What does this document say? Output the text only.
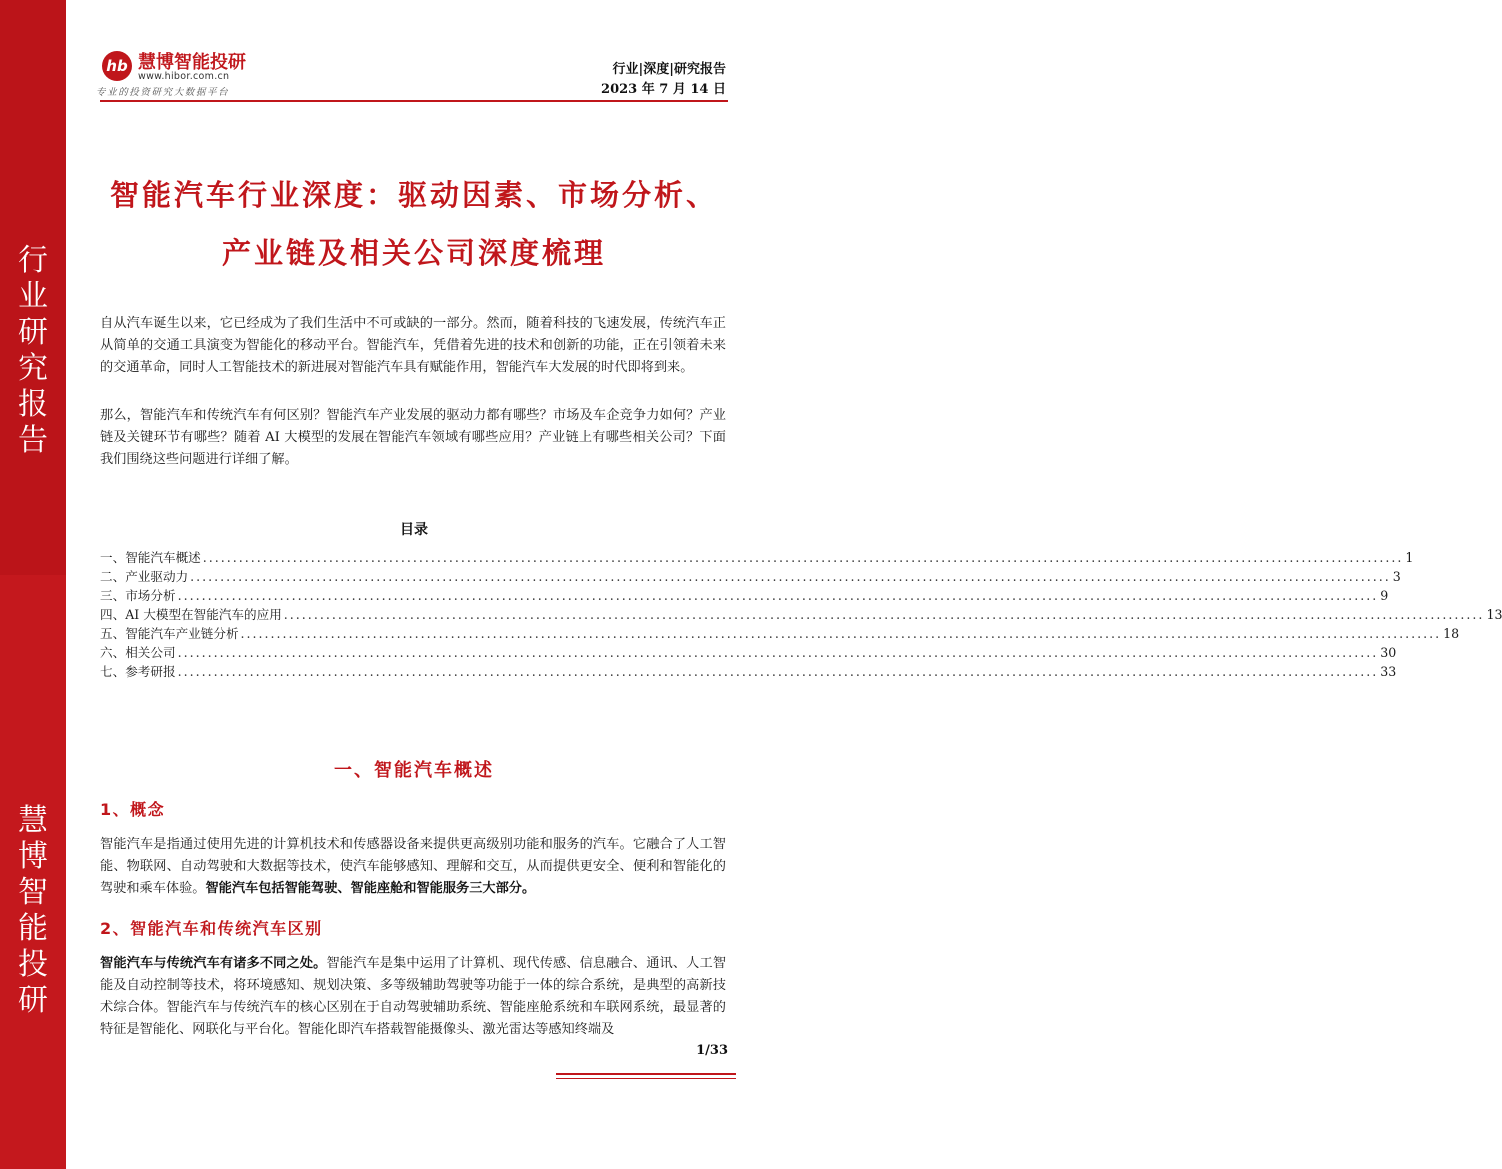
行
业
研
究
报
告
慧
博
智
能
投
研
hb 慧博智能投研
www.hibor.com.cn
专业的投资研究大数据平台
行业|深度|研究报告
2023 年 7 月 14 日
智能汽车行业深度：驱动因素、市场分析、
产业链及相关公司深度梳理
自从汽车诞生以来，它已经成为了我们生活中不可或缺的一部分。然而，随着科技的飞速发展，传统汽车正从简单的交通工具演变为智能化的移动平台。智能汽车，凭借着先进的技术和创新的功能，正在引领着未来的交通革命，同时人工智能技术的新进展对智能汽车具有赋能作用，智能汽车大发展的时代即将到来。
那么，智能汽车和传统汽车有何区别？智能汽车产业发展的驱动力都有哪些？市场及车企竞争力如何？产业链及关键环节有哪些？随着 AI 大模型的发展在智能汽车领域有哪些应用？产业链上有哪些相关公司？下面我们围绕这些问题进行详细了解。
目录
一、智能汽车概述 ........................................................................................................................................................................................................ 1
二、产业驱动力 ........................................................................................................................................................................................................ 3
三、市场分析 ........................................................................................................................................................................................................ 9
四、AI 大模型在智能汽车的应用 ........................................................................................................................................................................................................ 13
五、智能汽车产业链分析 ........................................................................................................................................................................................................ 18
六、相关公司 ........................................................................................................................................................................................................ 30
七、参考研报 ........................................................................................................................................................................................................ 33
一、智能汽车概述
1、概念
智能汽车是指通过使用先进的计算机技术和传感器设备来提供更高级别功能和服务的汽车。它融合了人工智能、物联网、自动驾驶和大数据等技术，使汽车能够感知、理解和交互，从而提供更安全、便利和智能化的驾驶和乘车体验。智能汽车包括智能驾驶、智能座舱和智能服务三大部分。
2、智能汽车和传统汽车区别
智能汽车与传统汽车有诸多不同之处。智能汽车是集中运用了计算机、现代传感、信息融合、通讯、人工智能及自动控制等技术，将环境感知、规划决策、多等级辅助驾驶等功能于一体的综合系统，是典型的高新技术综合体。智能汽车与传统汽车的核心区别在于自动驾驶辅助系统、智能座舱系统和车联网系统，最显著的特征是智能化、网联化与平台化。智能化即汽车搭载智能摄像头、激光雷达等感知终端及
1/33
